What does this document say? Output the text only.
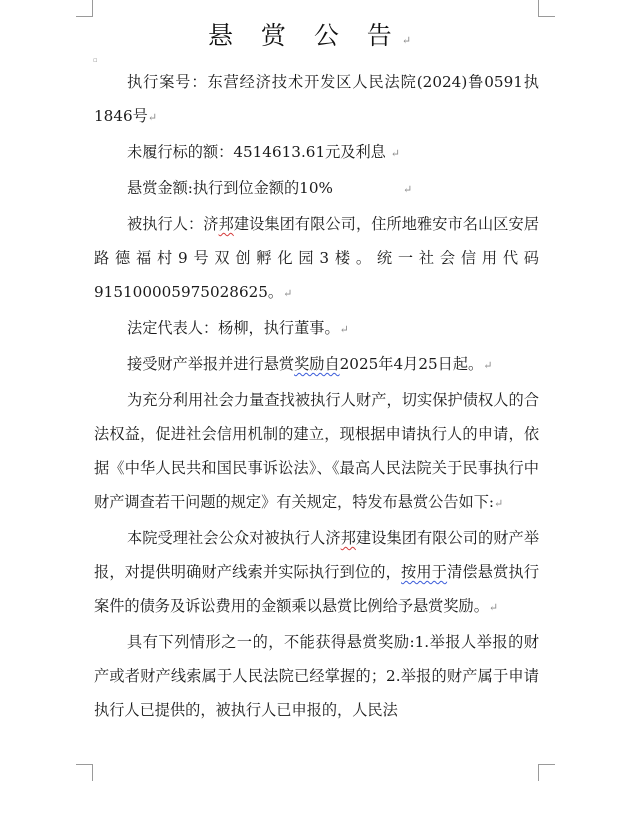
悬 赏 公 告↵
▫

执行案号：东营经济技术开发区人民法院(2024)鲁0591执1846号↵

未履行标的额：4514613.61元及利息 ↵

悬赏金额:执行到位金额的10%	↵

被执行人：济邦建设集团有限公司，住所地雅安市名山区安居路德福村9号双创孵化园3楼。统一社会信用代码915100005975028625。↵

法定代表人：杨柳，执行董事。↵

接受财产举报并进行悬赏奖励自2025年4月25日起。↵

为充分利用社会力量查找被执行人财产，切实保护债权人的合法权益，促进社会信用机制的建立，现根据申请执行人的申请，依据《中华人民共和国民事诉讼法》、《最高人民法院关于民事执行中财产调查若干问题的规定》有关规定，特发布悬赏公告如下:↵

本院受理社会公众对被执行人济邦建设集团有限公司的财产举报，对提供明确财产线索并实际执行到位的，按用于清偿悬赏执行案件的债务及诉讼费用的金额乘以悬赏比例给予悬赏奖励。↵

具有下列情形之一的，不能获得悬赏奖励:1.举报人举报的财产或者财产线索属于人民法院已经掌握的；2.举报的财产属于申请执行人已提供的，被执行人已申报的，人民法
